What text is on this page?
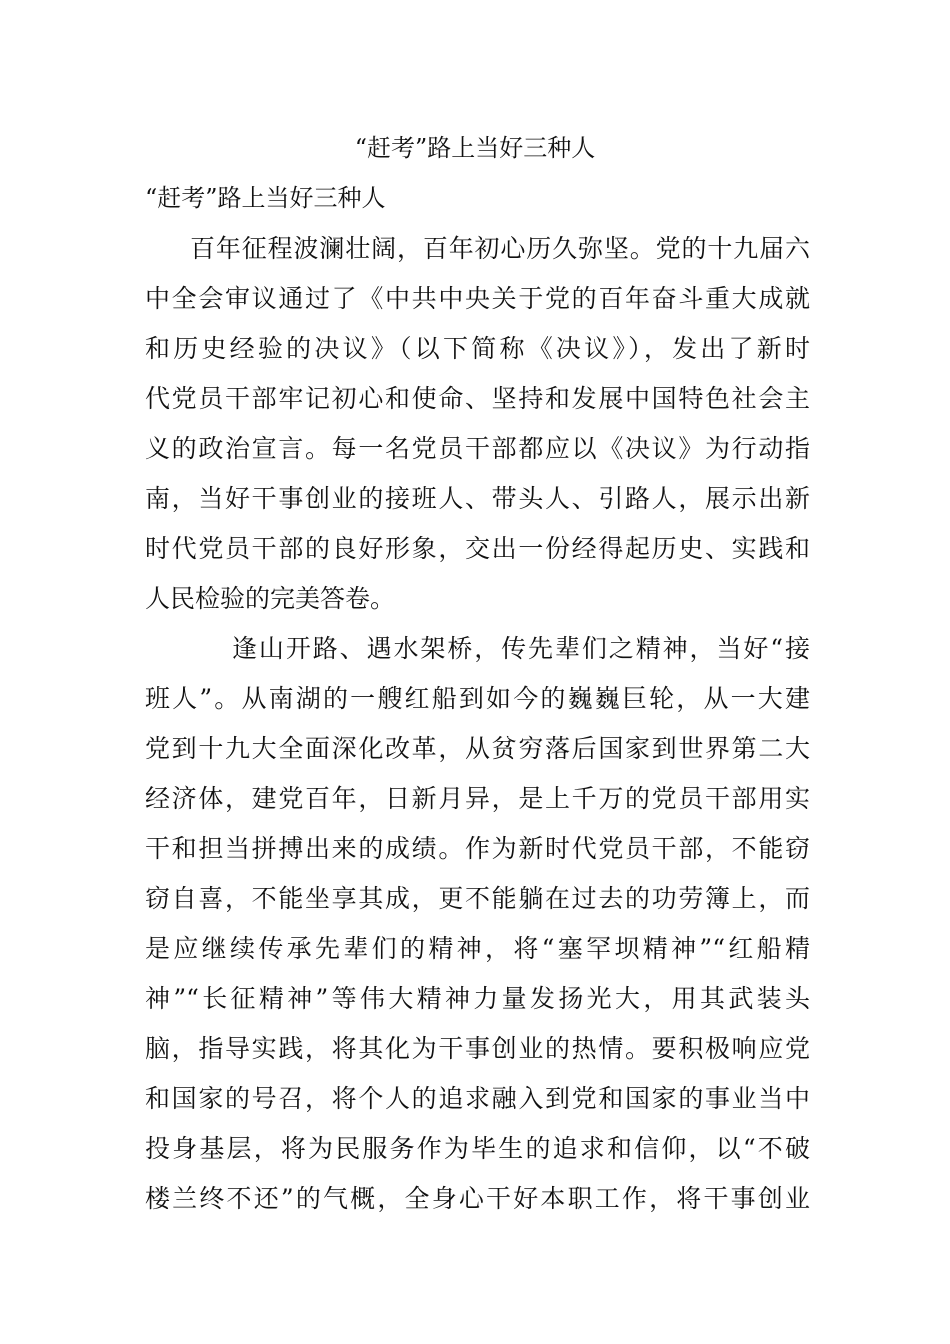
“赶考”路上当好三种人
“赶考”路上当好三种人
百年征程波澜壮阔，百年初心历久弥坚。党的十九届六
中全会审议通过了《中共中央关于党的百年奋斗重大成就
和历史经验的决议》（以下简称《决议》），发出了新时
代党员干部牢记初心和使命、坚持和发展中国特色社会主
义的政治宣言。每一名党员干部都应以《决议》为行动指
南，当好干事创业的接班人、带头人、引路人，展示出新
时代党员干部的良好形象，交出一份经得起历史、实践和
人民检验的完美答卷。
逢山开路、遇水架桥，传先辈们之精神，当好“接
班人”。从南湖的一艘红船到如今的巍巍巨轮，从一大建
党到十九大全面深化改革，从贫穷落后国家到世界第二大
经济体，建党百年，日新月异，是上千万的党员干部用实
干和担当拼搏出来的成绩。作为新时代党员干部，不能窃
窃自喜，不能坐享其成，更不能躺在过去的功劳簿上，而
是应继续传承先辈们的精神，将“塞罕坝精神”“红船精
神”“长征精神”等伟大精神力量发扬光大，用其武装头
脑，指导实践，将其化为干事创业的热情。要积极响应党
和国家的号召，将个人的追求融入到党和国家的事业当中
投身基层，将为民服务作为毕生的追求和信仰，以“不破
楼兰终不还”的气概，全身心干好本职工作，将干事创业
